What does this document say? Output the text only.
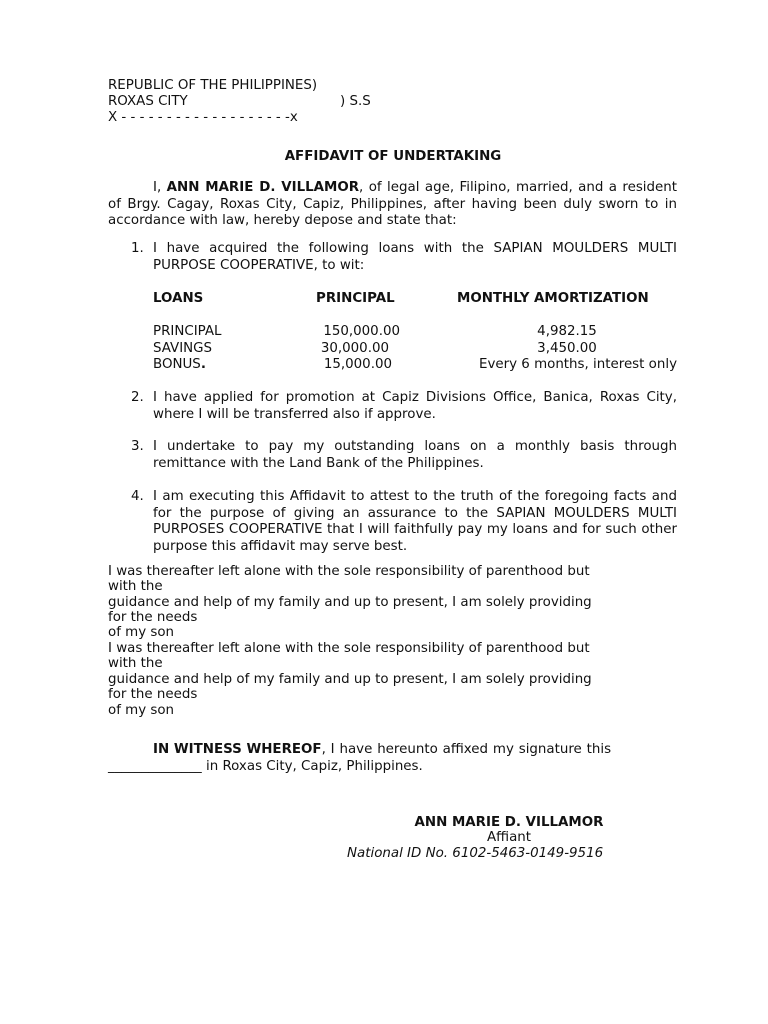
REPUBLIC OF THE PHILIPPINES)
ROXAS CITY	) S.S
X - - - - - - - - - - - - - - - - - - -x
AFFIDAVIT OF UNDERTAKING
I, ANN MARIE D. VILLAMOR, of legal age, Filipino, married, and a resident of Brgy. Cagay, Roxas City, Capiz, Philippines, after having been duly sworn to in accordance with law, hereby depose and state that:
1. I have acquired the following loans with the SAPIAN MOULDERS MULTI PURPOSE COOPERATIVE, to wit:
LOANS	PRINCIPAL	MONTHLY AMORTIZATION
PRINCIPAL	150,000.00	4,982.15
SAVINGS	30,000.00	3,450.00
BONUS.	15,000.00	Every 6 months, interest only
2. I have applied for promotion at Capiz Divisions Office, Banica, Roxas City, where I will be transferred also if approve.
3. I undertake to pay my outstanding loans on a monthly basis through remittance with the Land Bank of the Philippines.
4. I am executing this Affidavit to attest to the truth of the foregoing facts and for the purpose of giving an assurance to the SAPIAN MOULDERS MULTI PURPOSES COOPERATIVE that I will faithfully pay my loans and for such other purpose this affidavit may serve best.
I was thereafter left alone with the sole responsibility of parenthood but
with the
guidance and help of my family and up to present, I am solely providing
for the needs
of my son
I was thereafter left alone with the sole responsibility of parenthood but
with the
guidance and help of my family and up to present, I am solely providing
for the needs
of my son
IN WITNESS WHEREOF, I have hereunto affixed my signature this
______________ in Roxas City, Capiz, Philippines.
ANN MARIE D. VILLAMOR
Affiant
National ID No. 6102-5463-0149-9516
